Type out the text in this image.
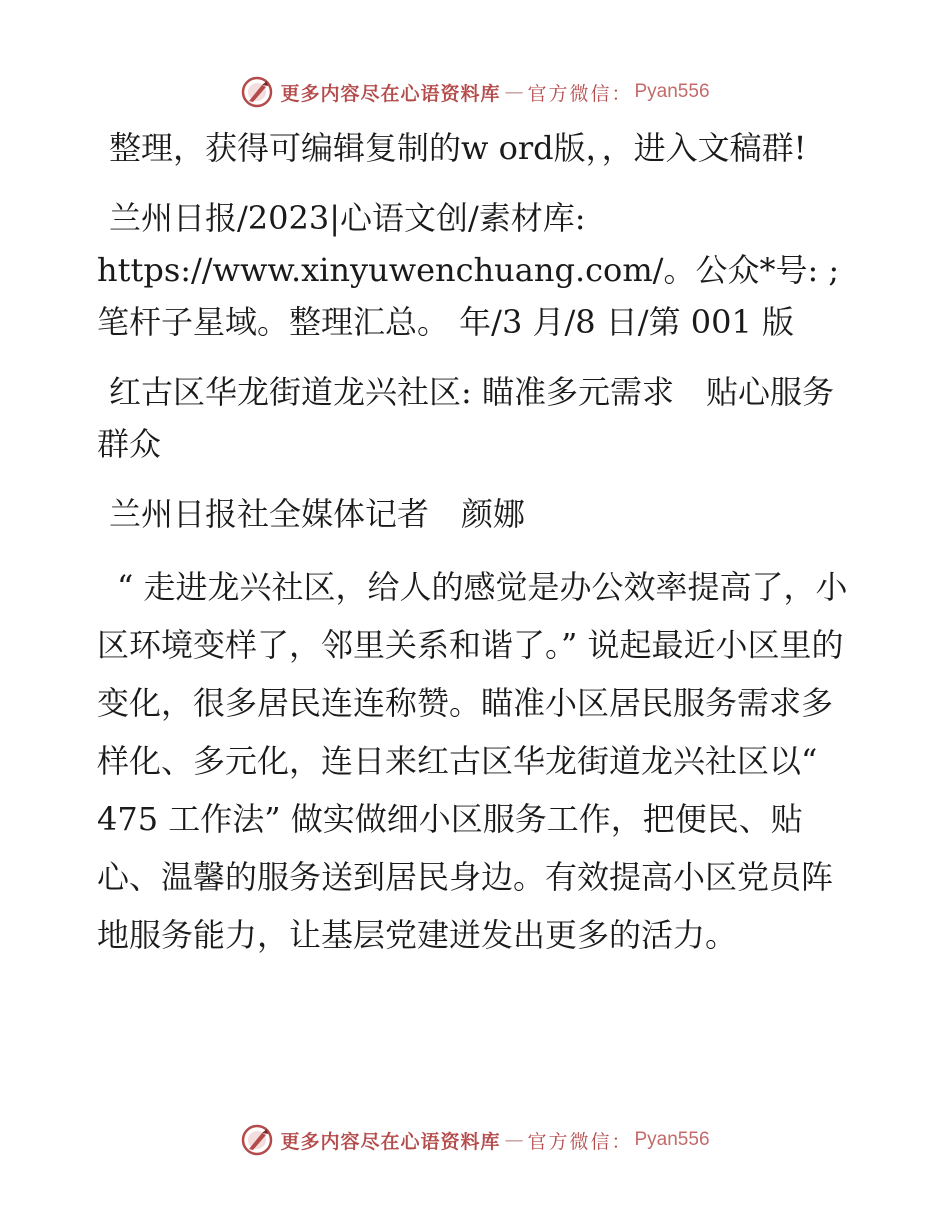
更多内容尽在心语资料库 — 官方微信： Pyan556

整理，获得可编辑复制的w ord版，，进入文稿群!

兰州日报/2023|心语文创/素材库: https://www.xinyuwenchuang.com/。公众*号: ;笔杆子星域。整理汇总。 年/3 月/8 日/第 001 版

红古区华龙街道龙兴社区: 瞄准多元需求　贴心服务群众

兰州日报社全媒体记者　颜娜

“ 走进龙兴社区，给人的感觉是办公效率提高了，小区环境变样了，邻里关系和谐了。” 说起最近小区里的变化，很多居民连连称赞。瞄准小区居民服务需求多样化、多元化，连日来红古区华龙街道龙兴社区以“ 475 工作法” 做实做细小区服务工作，把便民、贴心、温馨的服务送到居民身边。有效提高小区党员阵地服务能力，让基层党建迸发出更多的活力。

更多内容尽在心语资料库 — 官方微信： Pyan556
